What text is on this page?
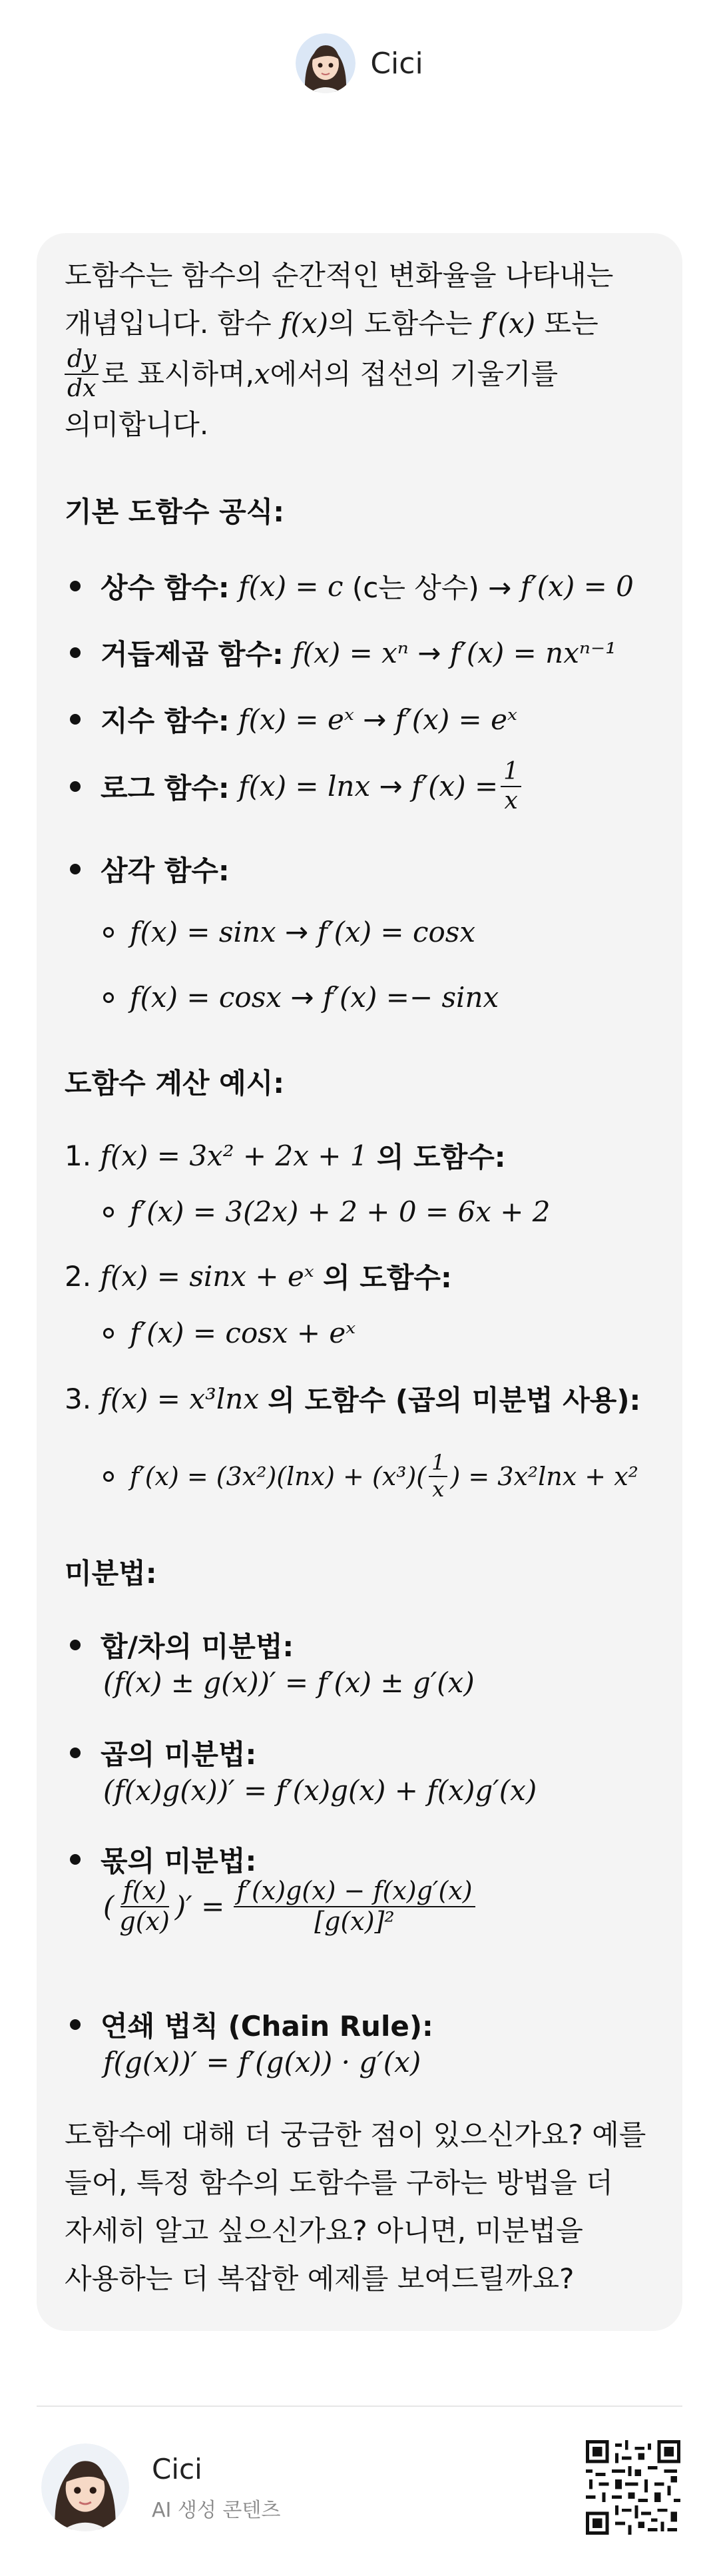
Cici

도함수는 함수의 순간적인 변화율을 나타내는

개념입니다. 함수 f(x)의 도함수는 f′(x) 또는

$\frac{dy}{dx}$ 로 표시하며, x 에서의 접선의 기울기를

의미합니다.

기본 도함수 공식:
상수 함수:
f(x) = c
(c는 상수) →
f′(x) = 0
거듭제곱 함수:
f(x) = xⁿ
→
f′(x) = nxⁿ⁻¹
지수 함수:
f(x) = eˣ
→
f′(x) = eˣ
로그 함수:
f(x) = lnx
→
$f'(x) = \frac{1}{x}$
삼각 함수:
f(x) = sinx
→
f′(x) = cosx
f(x) = cosx
→
f′(x) =− sinx
도함수 계산 예시:
1.
f(x) = 3x² + 2x + 1
의 도함수:
f′(x) = 3(2x) + 2 + 0 = 6x + 2
2.
f(x) = sinx + eˣ
의 도함수:
f′(x) = cosx + eˣ
3.
f(x) = x³lnx
의 도함수 (곱의 미분법 사용):
$f'(x) = (3x^2)(\ln x) + (x^3)( \frac{1}{x}$ ) = 3x²lnx + x²
미분법:
합/차의 미분법:
(f(x) ± g(x))′ = f′(x) ± g′(x)
곱의 미분법:
(f(x)g(x))′ = f′(x)g(x) + f(x)g′(x)
몫의 미분법:
( $\frac{f(x)}{g(x)}$ )′ = $\frac{f'(x)g(x) - f(x)g'(x)}{\text{[g(x)]²}}$
연쇄 법칙 (Chain Rule):
f(g(x))′ = f′(g(x)) · g′(x)

도함수에 대해 더 궁금한 점이 있으신가요? 예를

들어, 특정 함수의 도함수를 구하는 방법을 더

자세히 알고 싶으신가요? 아니면, 미분법을

사용하는 더 복잡한 예제를 보여드릴까요?

Cici
AI 생성 콘텐츠
